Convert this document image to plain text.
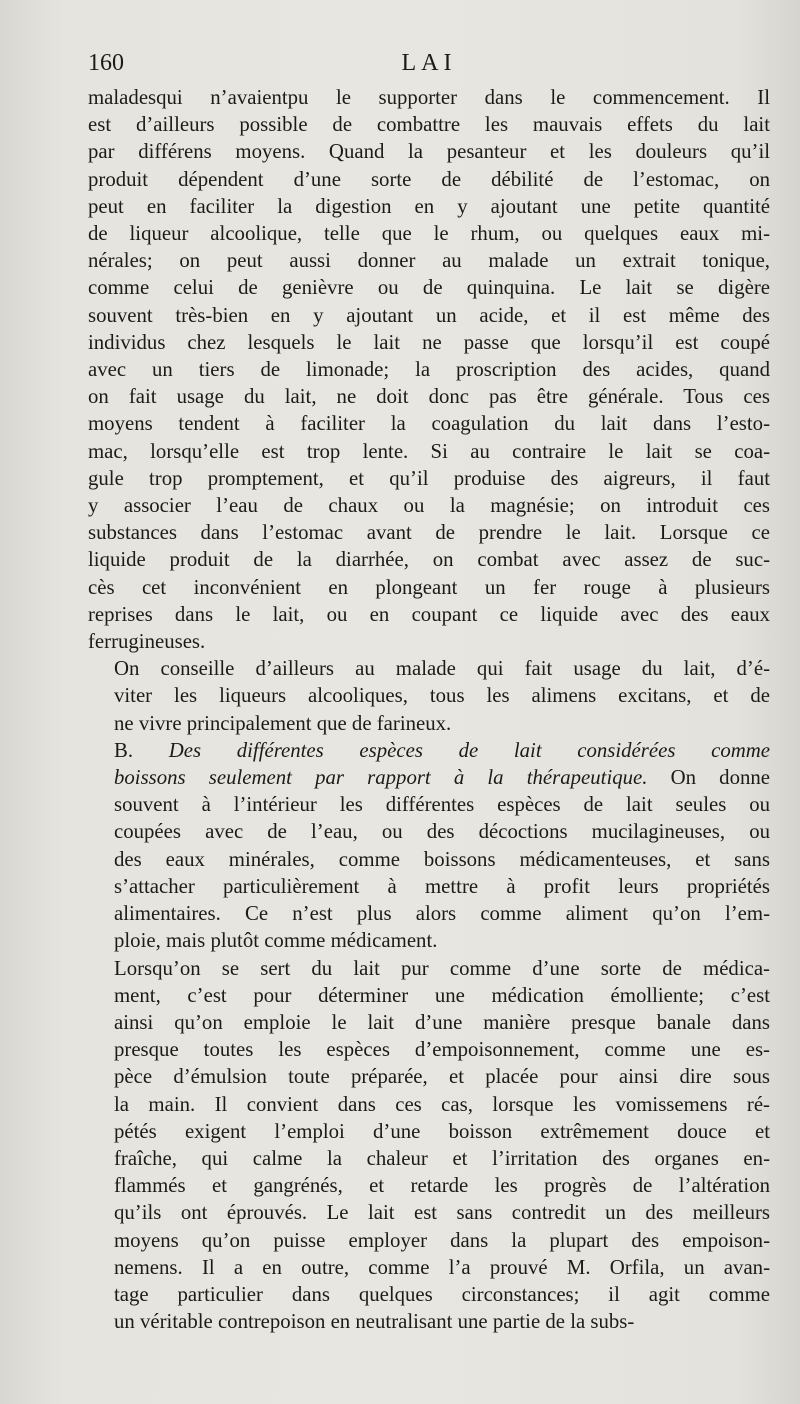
160	LAI

maladesqui n’avaientpu le supporter dans le commencement. Il
est d’ailleurs possible de combattre les mauvais effets du lait
par différens moyens. Quand la pesanteur et les douleurs qu’il
produit dépendent d’une sorte de débilité de l’estomac, on
peut en faciliter la digestion en y ajoutant une petite quantité
de liqueur alcoolique, telle que le rhum, ou quelques eaux mi-
nérales; on peut aussi donner au malade un extrait tonique,
comme celui de genièvre ou de quinquina. Le lait se digère
souvent très-bien en y ajoutant un acide, et il est même des
individus chez lesquels le lait ne passe que lorsqu’il est coupé
avec un tiers de limonade; la proscription des acides, quand
on fait usage du lait, ne doit donc pas être générale. Tous ces
moyens tendent à faciliter la coagulation du lait dans l’esto-
mac, lorsqu’elle est trop lente. Si au contraire le lait se coa-
gule trop promptement, et qu’il produise des aigreurs, il faut
y associer l’eau de chaux ou la magnésie; on introduit ces
substances dans l’estomac avant de prendre le lait. Lorsque ce
liquide produit de la diarrhée, on combat avec assez de suc-
cès cet inconvénient en plongeant un fer rouge à plusieurs
reprises dans le lait, ou en coupant ce liquide avec des eaux
ferrugineuses.

On conseille d’ailleurs au malade qui fait usage du lait, d’é-
viter les liqueurs alcooliques, tous les alimens excitans, et de
ne vivre principalement que de farineux.

B. Des différentes espèces de lait considérées comme
boissons seulement par rapport à la thérapeutique. On donne
souvent à l’intérieur les différentes espèces de lait seules ou
coupées avec de l’eau, ou des décoctions mucilagineuses, ou
des eaux minérales, comme boissons médicamenteuses, et sans
s’attacher particulièrement à mettre à profit leurs propriétés
alimentaires. Ce n’est plus alors comme aliment qu’on l’em-
ploie, mais plutôt comme médicament.

Lorsqu’on se sert du lait pur comme d’une sorte de médica-
ment, c’est pour déterminer une médication émolliente; c’est
ainsi qu’on emploie le lait d’une manière presque banale dans
presque toutes les espèces d’empoisonnement, comme une es-
pèce d’émulsion toute préparée, et placée pour ainsi dire sous
la main. Il convient dans ces cas, lorsque les vomissemens ré-
pétés exigent l’emploi d’une boisson extrêmement douce et
fraîche, qui calme la chaleur et l’irritation des organes en-
flammés et gangrénés, et retarde les progrès de l’altération
qu’ils ont éprouvés. Le lait est sans contredit un des meilleurs
moyens qu’on puisse employer dans la plupart des empoison-
nemens. Il a en outre, comme l’a prouvé M. Orfila, un avan-
tage particulier dans quelques circonstances; il agit comme
un véritable contrepoison en neutralisant une partie de la subs-
